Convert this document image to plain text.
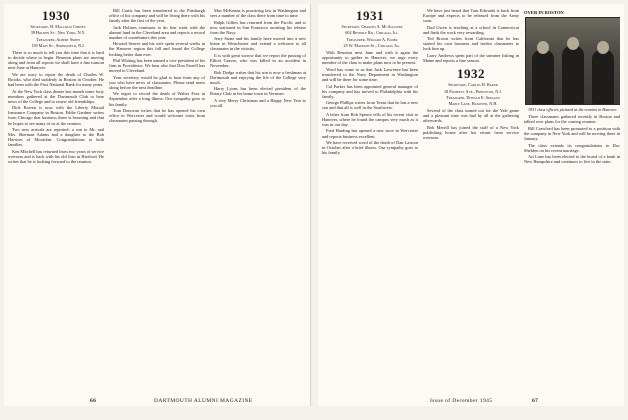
1930

Secretary, H. Malcolm Cheney

39 Holden St., New York, N.Y.

Treasurer, Albert Smith

139 Main St., Springfield, N.J.

There is so much to tell you this time that it is hard to decide where to begin. Reunion plans are moving along and from all reports we shall have a fine turnout next June at Hanover.

We are sorry to report the death of Charles W. Brooks, who died suddenly in Boston in October. He had been with the First National Bank for many years.

At the New York class dinner last month some forty members gathered at the Dartmouth Club to hear news of the College and to renew old friendships.

Dick Bowen is now with the Liberty Mutual Insurance Company in Boston. Eddie Gardner writes from Chicago that business there is booming and that he hopes to see many of us at the reunion.

Two new arrivals are reported: a son to Mr. and Mrs. Sherman Adams and a daughter to the Bob Harrises of Montclair. Congratulations to both families.

Ken Mitchell has returned from two years of service overseas and is back with his old firm in Hartford. He writes that he is looking forward to the reunion.

Bill Curtis has been transferred to the Pittsburgh office of his company and will be living there with his family after the first of the year.

Jack Holmes continues to do fine work with the alumni fund in the Cleveland area and reports a record number of contributors this year.

Howard Seaver and his wife spent several weeks in the Hanover region this fall and found the College looking better than ever.

Phil Whiting has been named a vice president of his firm in Providence. We hear also that Don Farrell has moved to Cleveland.

Your secretary would be glad to hear from any of you who have news of classmates. Please send notes along before the next deadline.

We regret to record the death of Walter Foss in September after a long illness. Our sympathy goes to his family.

Tom Donovan writes that he has opened his own office in Worcester and would welcome visits from classmates passing through.

Mac McKenna is practicing law in Washington and sees a number of the class there from time to time.

Ralph Gillies has returned from the Pacific and is now stationed in San Francisco awaiting his release from the Navy.

Jerry Stone and his family have moved into a new home in Westchester and extend a welcome to all classmates in the vicinity.

It is with great sorrow that we report the passing of Elliott Graves, who was killed in an accident in November.

Bob Dodge writes that his son is now a freshman at Dartmouth and enjoying the life of the College very much.

Harry Lyons has been elected president of the Rotary Club in his home town in Vermont.

A very Merry Christmas and a Happy New Year to you all.

66	DARTMOUTH ALUMNI MAGAZINE
1931

Secretary, Charles A. McAllister

602 Beverly Rd., Chicago, Ill.

Treasurer, William A. Elder

25 W. Madison St., Chicago, Ill.

With Reunion next June and with it again the opportunity to gather in Hanover, we urge every member of the class to make plans now to be present.

Word has come to us that Jack Lawrence has been transferred to the Navy Department in Washington and will be there for some time.

Cal Parker has been appointed general manager of his company and has moved to Philadelphia with his family.

George Phillips writes from Texas that he has a new son and that all is well in the Southwest.

A letter from Bob Spence tells of his recent visit to Hanover, where he found the campus very much as it was in our day.

Fred Harding has opened a new store in Worcester and reports business excellent.

We have received word of the death of Dan Lawton in October after a brief illness. Our sympathy goes to his family.

We have just heard that Tom Edwards is back from Europe and expects to be released from the Army soon.

Dud Owen is teaching at a school in Connecticut and finds the work very rewarding.

Ted Brown writes from California that he has started his own business and invites classmates to look him up.

Larry Andrews spent part of the summer fishing in Maine and reports a fine season.

1932

Secretary, Carlos H. Baker

18 Prospect Ave., Princeton, N.J.

Treasurer, Donald E. Sprague

Maple Lane, Hanover, N.H.

Several of the class turned out for the Yale game and a pleasant time was had by all at the gathering afterwards.

Bob Merrill has joined the staff of a New York publishing house after his return from service overseas.

OVER IN BOSTON

1931 class officers pictured at the reunion in Hanover.

Three classmates gathered recently in Boston and talked over plans for the coming reunion.

Bill Crawford has been promoted to a position with the company in New York and will be moving there in January.

The class extends its congratulations to Doc Sheldon on his recent marriage.

Art Lane has been elected to the board of a bank in New Hampshire and continues to live in the state.

Issue of December 1945	67
